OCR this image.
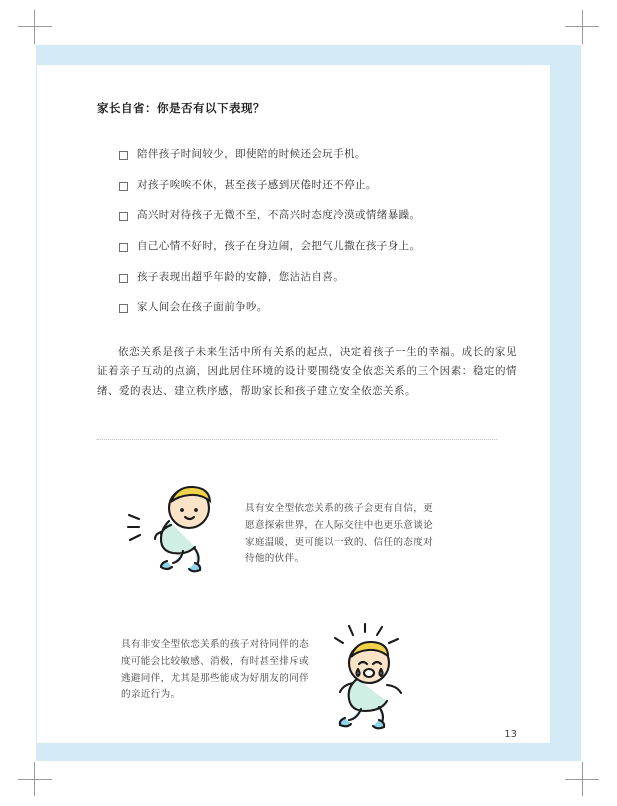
家长自省：你是否有以下表现？
陪伴孩子时间较少，即使陪的时候还会玩手机。
对孩子唉唉不休，甚至孩子感到厌倦时还不停止。
高兴时对待孩子无微不至，不高兴时态度冷漠或情绪暴躁。
自己心情不好时，孩子在身边闹，会把气儿撒在孩子身上。
孩子表现出超乎年龄的安静，您沾沾自喜。
家人间会在孩子面前争吵。

依恋关系是孩子未来生活中所有关系的起点，决定着孩子一生的幸福。成长的家见证着亲子互动的点滴，因此居住环境的设计要围绕安全依恋关系的三个因素：稳定的情绪、爱的表达、建立秩序感，帮助家长和孩子建立安全依恋关系。

具有安全型依恋关系的孩子会更有自信，更愿意探索世界，在人际交往中也更乐意谈论家庭温暖，更可能以一致的、信任的态度对待他的伙伴。
具有非安全型依恋关系的孩子对待同伴的态度可能会比较敏感、消极，有时甚至排斥或逃避同伴，尤其是那些能成为好朋友的同伴的亲近行为。
13
